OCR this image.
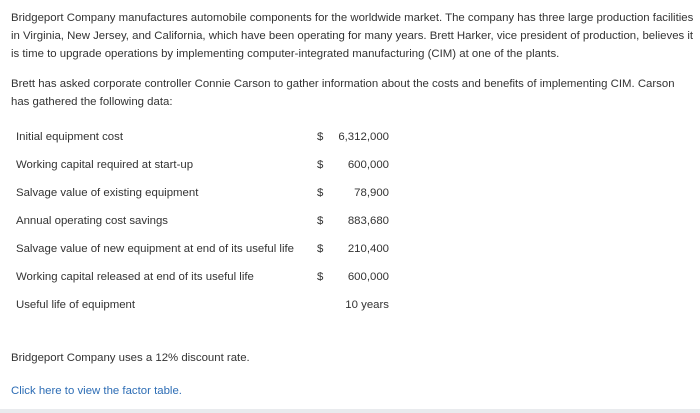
Bridgeport Company manufactures automobile components for the worldwide market. The company has three large production facilities in Virginia, New Jersey, and California, which have been operating for many years. Brett Harker, vice president of production, believes it is time to upgrade operations by implementing computer-integrated manufacturing (CIM) at one of the plants.

Brett has asked corporate controller Connie Carson to gather information about the costs and benefits of implementing CIM. Carson has gathered the following data:

Initial equipment cost	$ 6,312,000
Working capital required at start-up	$ 600,000
Salvage value of existing equipment	$	78,900
Annual operating cost savings	$ 883,680
Salvage value of new equipment at end of its useful life $ 210,400
Working capital released at end of its useful life	$ 600,000
Useful life of equipment	10 years
Bridgeport Company uses a 12% discount rate.
Click here to view the factor table.
